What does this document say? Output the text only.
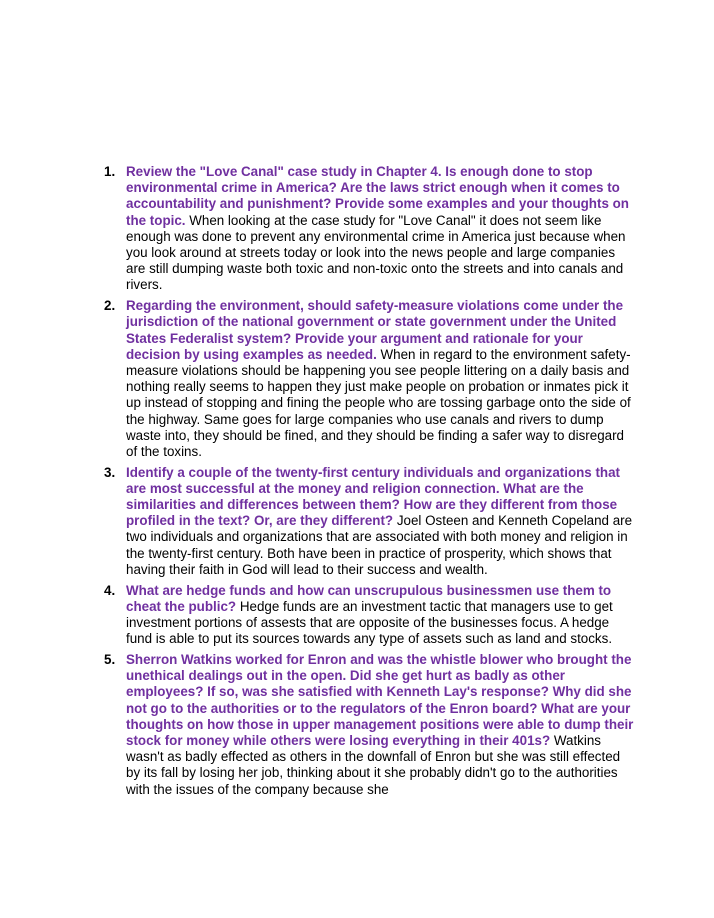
1. Review the "Love Canal" case study in Chapter 4. Is enough done to stop environmental crime in America? Are the laws strict enough when it comes to accountability and punishment? Provide some examples and your thoughts on the topic. When looking at the case study for "Love Canal" it does not seem like enough was done to prevent any environmental crime in America just because when you look around at streets today or look into the news people and large companies are still dumping waste both toxic and non-toxic onto the streets and into canals and rivers.
2. Regarding the environment, should safety-measure violations come under the jurisdiction of the national government or state government under the United States Federalist system? Provide your argument and rationale for your decision by using examples as needed. When in regard to the environment safety-measure violations should be happening you see people littering on a daily basis and nothing really seems to happen they just make people on probation or inmates pick it up instead of stopping and fining the people who are tossing garbage onto the side of the highway. Same goes for large companies who use canals and rivers to dump waste into, they should be fined, and they should be finding a safer way to disregard of the toxins.
3. Identify a couple of the twenty-first century individuals and organizations that are most successful at the money and religion connection. What are the similarities and differences between them? How are they different from those profiled in the text? Or, are they different? Joel Osteen and Kenneth Copeland are two individuals and organizations that are associated with both money and religion in the twenty-first century. Both have been in practice of prosperity, which shows that having their faith in God will lead to their success and wealth.
4. What are hedge funds and how can unscrupulous businessmen use them to cheat the public? Hedge funds are an investment tactic that managers use to get investment portions of assests that are opposite of the businesses focus. A hedge fund is able to put its sources towards any type of assets such as land and stocks.
5. Sherron Watkins worked for Enron and was the whistle blower who brought the unethical dealings out in the open. Did she get hurt as badly as other employees? If so, was she satisfied with Kenneth Lay's response? Why did she not go to the authorities or to the regulators of the Enron board? What are your thoughts on how those in upper management positions were able to dump their stock for money while others were losing everything in their 401s? Watkins wasn't as badly effected as others in the downfall of Enron but she was still effected by its fall by losing her job, thinking about it she probably didn't go to the authorities with the issues of the company because she
